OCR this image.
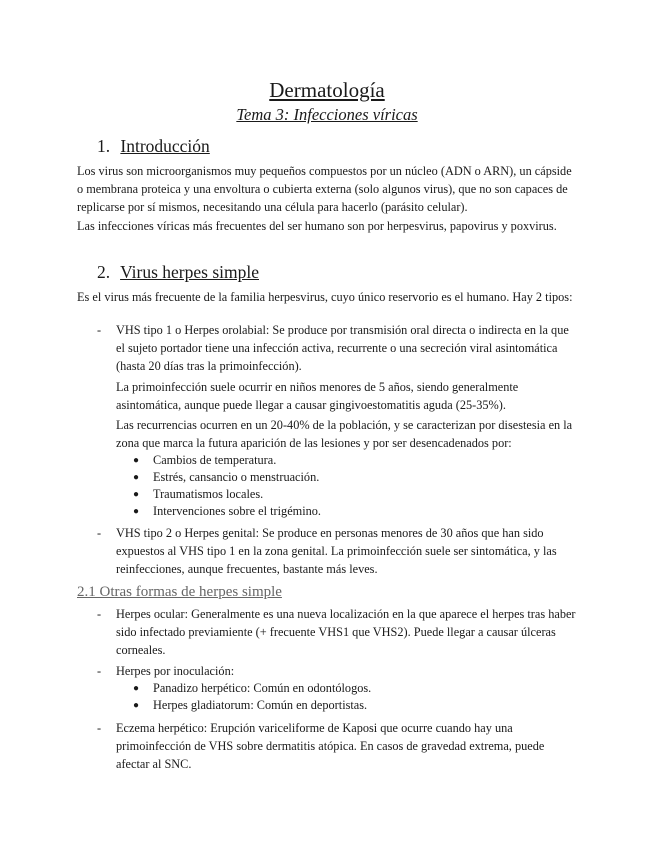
Dermatología
Tema 3: Infecciones víricas
1. Introducción
Los virus son microorganismos muy pequeños compuestos por un núcleo (ADN o ARN), un cápside o membrana proteica y una envoltura o cubierta externa (solo algunos virus), que no son capaces de replicarse por sí mismos, necesitando una célula para hacerlo (parásito celular).
Las infecciones víricas más frecuentes del ser humano son por herpesvirus, papovirus y poxvirus.
2. Virus herpes simple
Es el virus más frecuente de la familia herpesvirus, cuyo único reservorio es el humano. Hay 2 tipos:
- VHS tipo 1 o Herpes orolabial: Se produce por transmisión oral directa o indirecta en la que el sujeto portador tiene una infección activa, recurrente o una secreción viral asintomática (hasta 20 días tras la primoinfección).
La primoinfección suele ocurrir en niños menores de 5 años, siendo generalmente asintomática, aunque puede llegar a causar gingivoestomatitis aguda (25-35%).
Las recurrencias ocurren en un 20-40% de la población, y se caracterizan por disestesia en la zona que marca la futura aparición de las lesiones y por ser desencadenados por:
● Cambios de temperatura.
● Estrés, cansancio o menstruación.
● Traumatismos locales.
● Intervenciones sobre el trigémino.
- VHS tipo 2 o Herpes genital: Se produce en personas menores de 30 años que han sido expuestos al VHS tipo 1 en la zona genital. La primoinfección suele ser sintomática, y las reinfecciones, aunque frecuentes, bastante más leves.
2.1 Otras formas de herpes simple
- Herpes ocular: Generalmente es una nueva localización en la que aparece el herpes tras haber sido infectado previamiente (+ frecuente VHS1 que VHS2). Puede llegar a causar úlceras corneales.
- Herpes por inoculación:
● Panadizo herpético: Común en odontólogos.
● Herpes gladiatorum: Común en deportistas.
- Eczema herpético: Erupción variceliforme de Kaposi que ocurre cuando hay una primoinfección de VHS sobre dermatitis atópica. En casos de gravedad extrema, puede afectar al SNC.
